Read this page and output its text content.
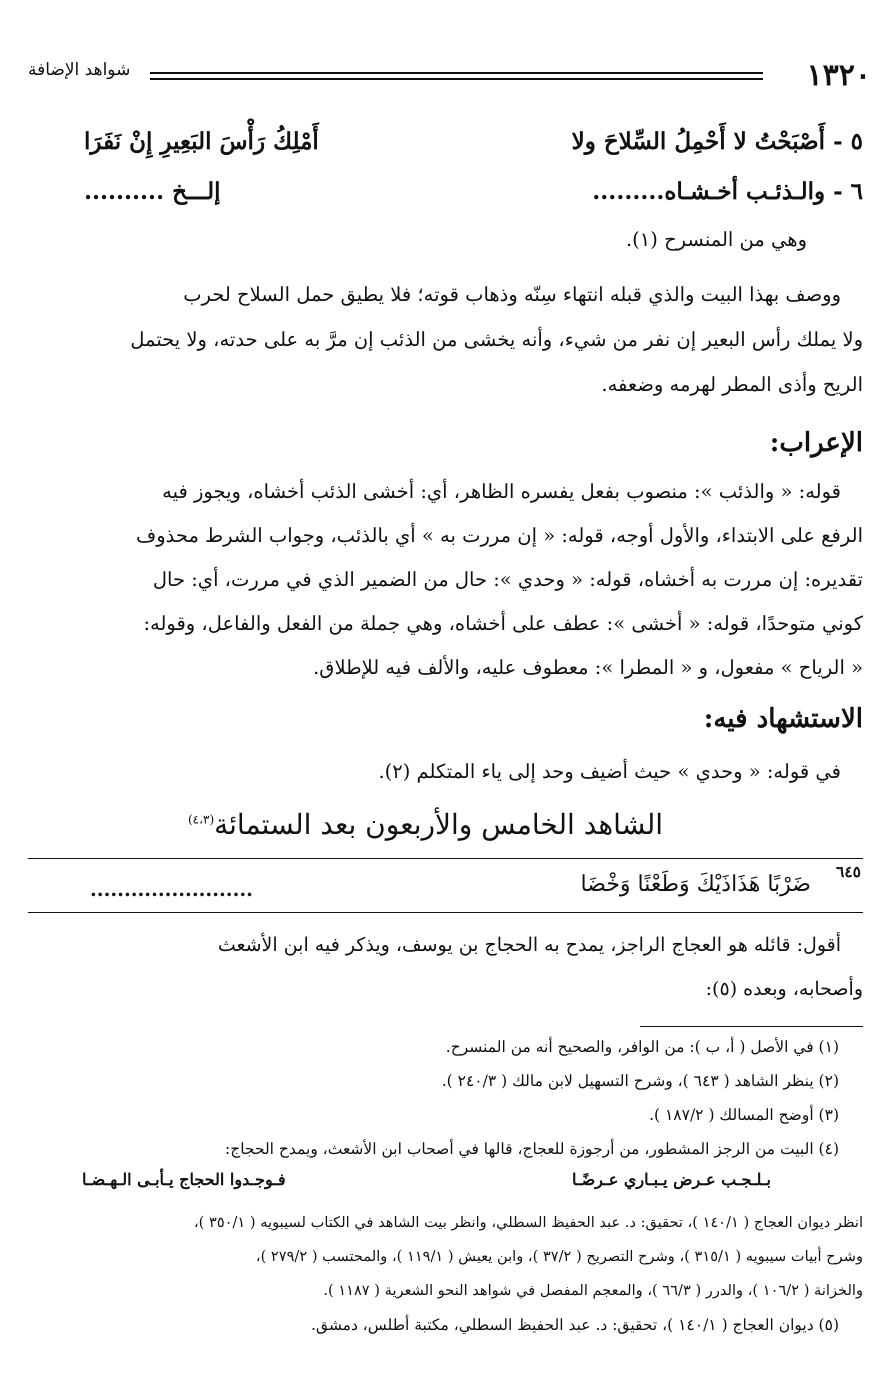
١٣٢٠
شواهد الإضافة
٥ - أَصْبَحْتُ لا أَحْمِلُ السِّلاحَ ولا
أَمْلِكُ رَأْسَ البَعِيرِ إِنْ نَفَرَا
٦ - والـذئـب أخـشـاه.........
إلـــخ ..........
وهي من المنسرح (١).
ووصف بهذا البيت والذي قبله انتهاء سِنّه وذهاب قوته؛ فلا يطيق حمل السلاح لحرب
ولا يملك رأس البعير إن نفر من شيء، وأنه يخشى من الذئب إن مرَّ به على حدته، ولا يحتمل
الريح وأذى المطر لهرمه وضعفه.
الإعراب:
قوله: « والذئب »: منصوب بفعل يفسره الظاهر، أي: أخشى الذئب أخشاه، ويجوز فيه
الرفع على الابتداء، والأول أوجه، قوله: « إن مررت به » أي بالذئب، وجواب الشرط محذوف
تقديره: إن مررت به أخشاه، قوله: « وحدي »: حال من الضمير الذي في مررت، أي: حال
كوني متوحدًا، قوله: « أخشى »: عطف على أخشاه، وهي جملة من الفعل والفاعل، وقوله:
« الرياح » مفعول، و « المطرا »: معطوف عليه، والألف فيه للإطلاق.
الاستشهاد فيه:
في قوله: « وحدي » حيث أضيف وحد إلى ياء المتكلم (٢).
الشاهد الخامس والأربعون بعد الستمائة$^{(٤،٣)}$
٦٤٥
ضَرْبًا هَذَاذَيْكَ وَطَعْنًا وَخْضَا
........................
أقول: قائله هو العجاج الراجز، يمدح به الحجاج بن يوسف، ويذكر فيه ابن الأشعث
وأصحابه، وبعده (٥):
(١) في الأصل ( أ، ب ): من الوافر، والصحيح أنه من المنسرح.
(٢) ينظر الشاهد ( ٦٤٣ )، وشرح التسهيل لابن مالك ( ٢٤٠/٣ ).
(٣) أوضح المسالك ( ١٨٧/٢ ).
(٤) البيت من الرجز المشطور، من أرجوزة للعجاج، قالها في أصحاب ابن الأشعث، ويمدح الحجاج:
بـلـجـب عـرض يـبـاري عـرضًـا
فـوجـدوا الحجاج يـأبـى الـهـضـا
انظر ديوان العجاج ( ١٤٠/١ )، تحقيق: د. عبد الحفيظ السطلي، وانظر بيت الشاهد في الكتاب لسيبويه ( ٣٥٠/١ )،
وشرح أبيات سيبويه ( ٣١٥/١ )، وشرح التصريح ( ٣٧/٢ )، وابن يعيش ( ١١٩/١ )، والمحتسب ( ٢٧٩/٢ )،
والخزانة ( ١٠٦/٢ )، والدرر ( ٦٦/٣ )، والمعجم المفصل في شواهد النحو الشعرية ( ١١٨٧ ).
(٥) ديوان العجاج ( ١٤٠/١ )، تحقيق: د. عبد الحفيظ السطلي، مكتبة أطلس، دمشق.
